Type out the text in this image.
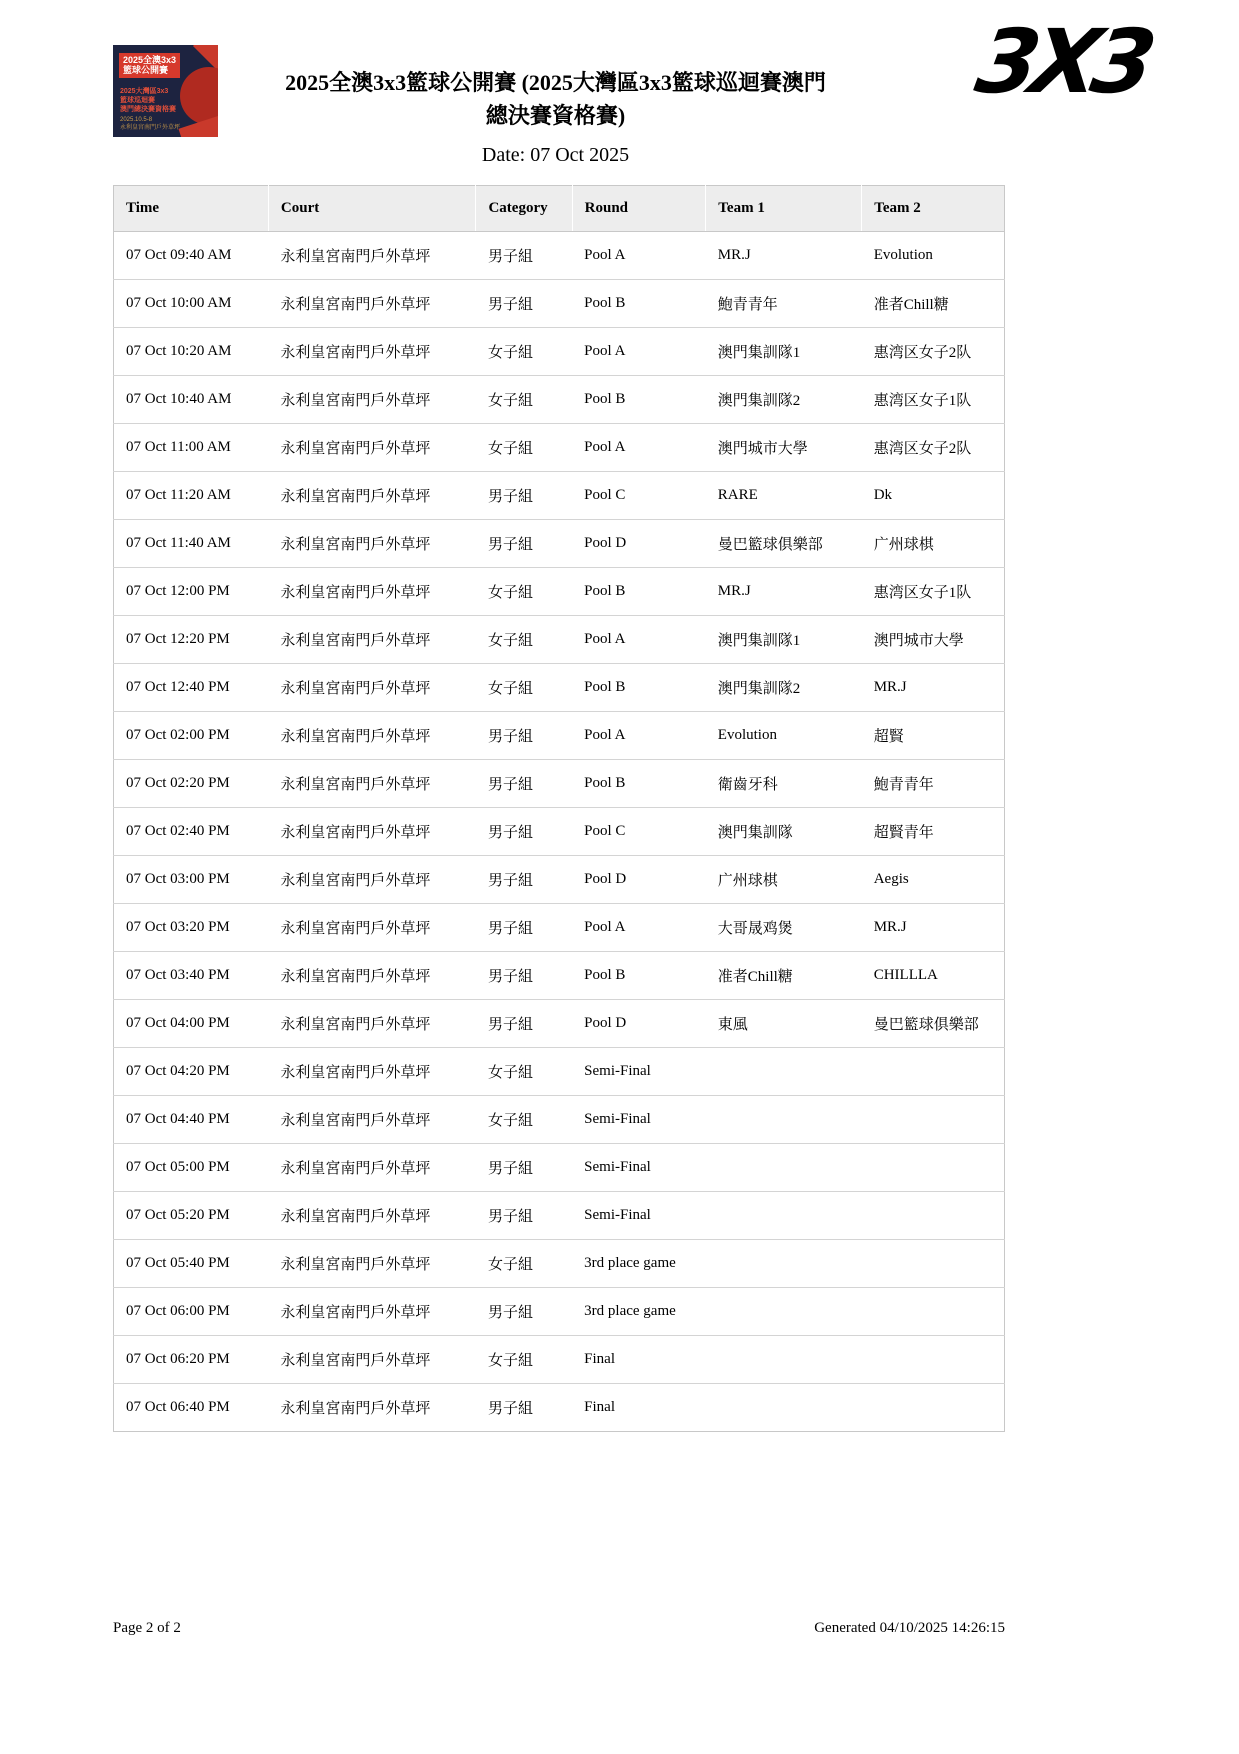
2025全澳3x3
籃球公開賽
2025大灣區3x3
籃球巡迴賽
澳門總決賽資格賽
2025.10.5-8
永利皇宮南門戶外草坪
2025全澳3x3籃球公開賽 (2025大灣區3x3籃球巡迴賽澳門總決賽資格賽)
Date: 07 Oct 2025
3X3
Time	Court	Category	Round	Team 1	Team 2
07 Oct 09:40 AM	永利皇宮南門戶外草坪	男子組	Pool A	MR.J	Evolution
07 Oct 10:00 AM	永利皇宮南門戶外草坪	男子組	Pool B	鮑青青年	准者Chill糖
07 Oct 10:20 AM	永利皇宮南門戶外草坪	女子組	Pool A	澳門集訓隊1	惠湾区女子2队
07 Oct 10:40 AM	永利皇宮南門戶外草坪	女子組	Pool B	澳門集訓隊2	惠湾区女子1队
07 Oct 11:00 AM	永利皇宮南門戶外草坪	女子組	Pool A	澳門城市大學	惠湾区女子2队
07 Oct 11:20 AM	永利皇宮南門戶外草坪	男子組	Pool C	RARE	Dk
07 Oct 11:40 AM	永利皇宮南門戶外草坪	男子組	Pool D	曼巴籃球俱樂部	广州球棋
07 Oct 12:00 PM	永利皇宮南門戶外草坪	女子組	Pool B	MR.J	惠湾区女子1队
07 Oct 12:20 PM	永利皇宮南門戶外草坪	女子組	Pool A	澳門集訓隊1	澳門城市大學
07 Oct 12:40 PM	永利皇宮南門戶外草坪	女子組	Pool B	澳門集訓隊2	MR.J
07 Oct 02:00 PM	永利皇宮南門戶外草坪	男子組	Pool A	Evolution	超賢
07 Oct 02:20 PM	永利皇宮南門戶外草坪	男子組	Pool B	衛齒牙科	鮑青青年
07 Oct 02:40 PM	永利皇宮南門戶外草坪	男子組	Pool C	澳門集訓隊	超賢青年
07 Oct 03:00 PM	永利皇宮南門戶外草坪	男子組	Pool D	广州球棋	Aegis
07 Oct 03:20 PM	永利皇宮南門戶外草坪	男子組	Pool A	大哥晟鸡煲	MR.J
07 Oct 03:40 PM	永利皇宮南門戶外草坪	男子組	Pool B	准者Chill糖	CHILLLA
07 Oct 04:00 PM	永利皇宮南門戶外草坪	男子組	Pool D	東風	曼巴籃球俱樂部
07 Oct 04:20 PM	永利皇宮南門戶外草坪	女子組	Semi-Final		
07 Oct 04:40 PM	永利皇宮南門戶外草坪	女子組	Semi-Final		
07 Oct 05:00 PM	永利皇宮南門戶外草坪	男子組	Semi-Final		
07 Oct 05:20 PM	永利皇宮南門戶外草坪	男子組	Semi-Final		
07 Oct 05:40 PM	永利皇宮南門戶外草坪	女子組	3rd place game		
07 Oct 06:00 PM	永利皇宮南門戶外草坪	男子組	3rd place game		
07 Oct 06:20 PM	永利皇宮南門戶外草坪	女子組	Final		
07 Oct 06:40 PM	永利皇宮南門戶外草坪	男子組	Final		
Page 2 of 2	Generated 04/10/2025 14:26:15
